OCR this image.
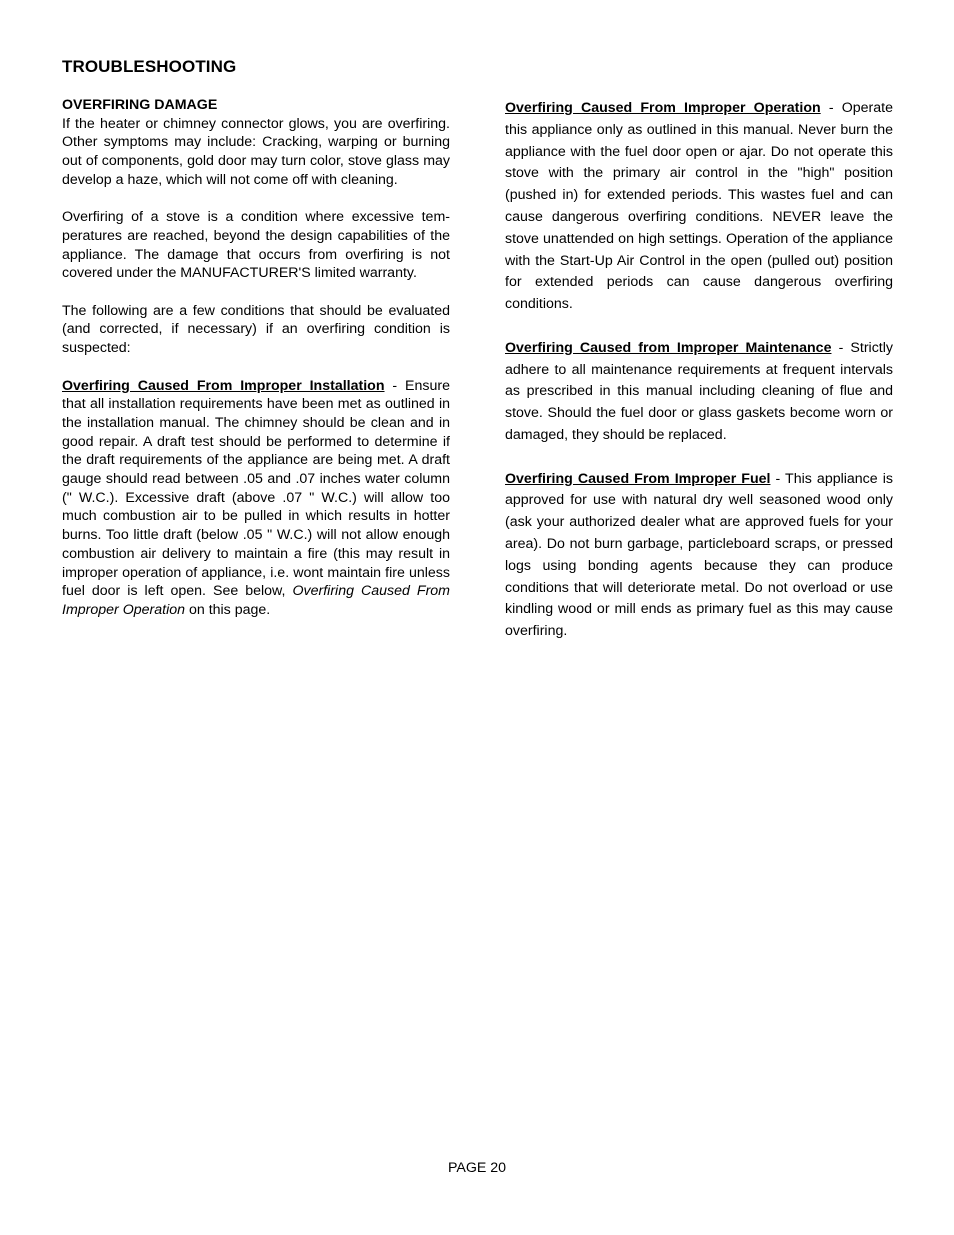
TROUBLESHOOTING
OVERFIRING DAMAGE
If the heater or chimney connector glows, you are overfiring. Other symptoms may include: Cracking, warping or burning out of components, gold door may turn color, stove glass may develop a haze, which will not come off with cleaning.

Overfiring of a stove is a condition where excessive temperatures are reached, beyond the design capabilities of the appliance. The damage that occurs from overfiring is not covered under the MANUFACTURER'S limited warranty.

The following are a few conditions that should be evaluated (and corrected, if necessary) if an overfiring condition is suspected:

Overfiring Caused From Improper Installation - Ensure that all installation requirements have been met as outlined in the installation manual. The chimney should be clean and in good repair. A draft test should be performed to determine if the draft requirements of the appliance are being met. A draft gauge should read between .05 and .07 inches water column (" W.C.). Excessive draft (above .07 " W.C.) will allow too much combustion air to be pulled in which results in hotter burns. Too little draft (below .05 " W.C.) will not allow enough combustion air delivery to maintain a fire (this may result in improper operation of appliance, i.e. wont maintain fire unless fuel door is left open. See below, Overfiring Caused From Improper Operation on this page.

Overfiring Caused From Improper Operation - Operate this appliance only as outlined in this manual. Never burn the appliance with the fuel door open or ajar. Do not operate this stove with the primary air control in the "high" position (pushed in) for extended periods. This wastes fuel and can cause dangerous overfiring conditions. NEVER leave the stove unattended on high settings. Operation of the appliance with the Start-Up Air Control in the open (pulled out) position for extended periods can cause dangerous overfiring conditions.

Overfiring Caused from Improper Maintenance - Strictly adhere to all maintenance requirements at frequent intervals as prescribed in this manual including cleaning of flue and stove. Should the fuel door or glass gaskets become worn or damaged, they should be replaced.

Overfiring Caused From Improper Fuel - This appliance is approved for use with natural dry well seasoned wood only (ask your authorized dealer what are approved fuels for your area). Do not burn garbage, particleboard scraps, or pressed logs using bonding agents because they can produce conditions that will deteriorate metal. Do not overload or use kindling wood or mill ends as primary fuel as this may cause overfiring.

PAGE 20
